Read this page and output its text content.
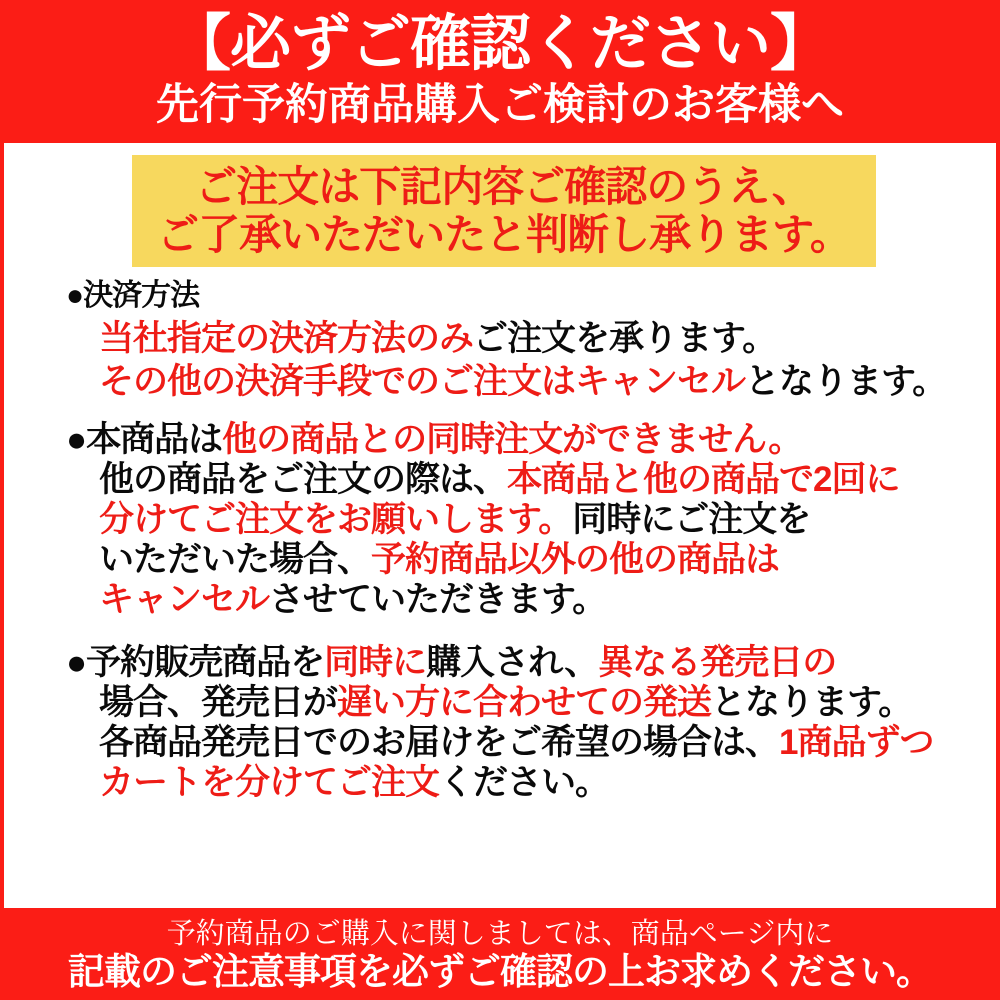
【必ずご確認ください】
先行予約商品購入ご検討のお客様へ
ご注文は下記内容ご確認のうえ、
ご了承いただいたと判断し承ります。
●決済方法
当社指定の決済方法のみご注文を承ります。
その他の決済手段でのご注文はキャンセルとなります。
●本商品は他の商品との同時注文ができません。
他の商品をご注文の際は、本商品と他の商品で2回に
分けてご注文をお願いします。同時にご注文を
いただいた場合、予約商品以外の他の商品は
キャンセルさせていただきます。
●予約販売商品を同時に購入され、異なる発売日の
場合、発売日が遅い方に合わせての発送となります。
各商品発売日でのお届けをご希望の場合は、1商品ずつ
カートを分けてご注文ください。
予約商品のご購入に関しましては、商品ページ内に
記載のご注意事項を必ずご確認の上お求めください。
